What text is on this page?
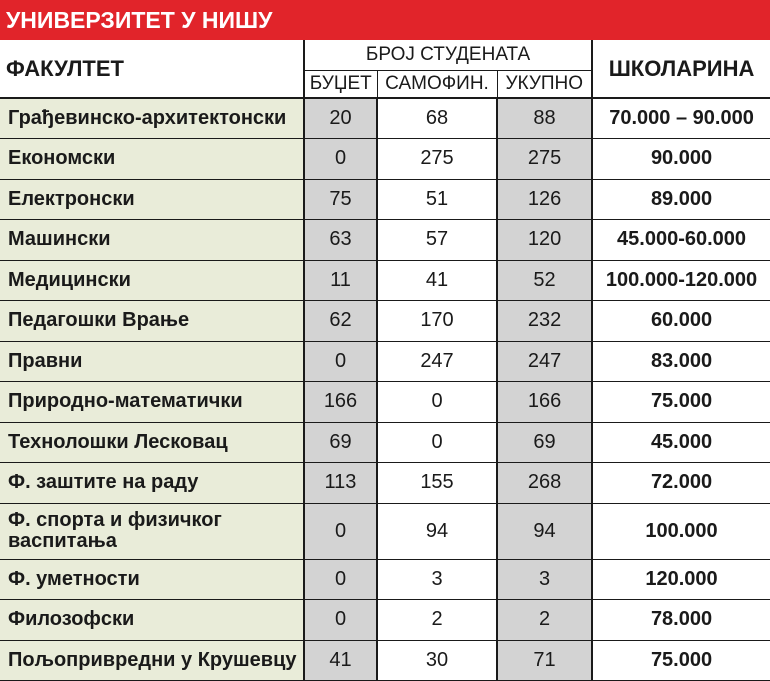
УНИВЕРЗИТЕТ У НИШУ
ФАКУЛТЕТ	БРОЈ СТУДЕНАТА			ШКОЛАРИНА
	БУЏЕТ	САМОФИН.	УКУПНО	
Грађевинско-архитектонски	20	68	88	70.000 – 90.000
Економски	0	275	275	90.000
Електронски	75	51	126	89.000
Машински	63	57	120	45.000-60.000
Медицински	11	41	52	100.000-120.000
Педагошки Врање	62	170	232	60.000
Правни	0	247	247	83.000
Природно-математички	166	0	166	75.000
Технолошки Лесковац	69	0	69	45.000
Ф. заштите на раду	113	155	268	72.000
Ф. спорта и физичког васпитања	0	94	94	100.000
Ф. уметности	0	3	3	120.000
Филозофски	0	2	2	78.000
Пољопривредни у Крушевцу	41	30	71	75.000
